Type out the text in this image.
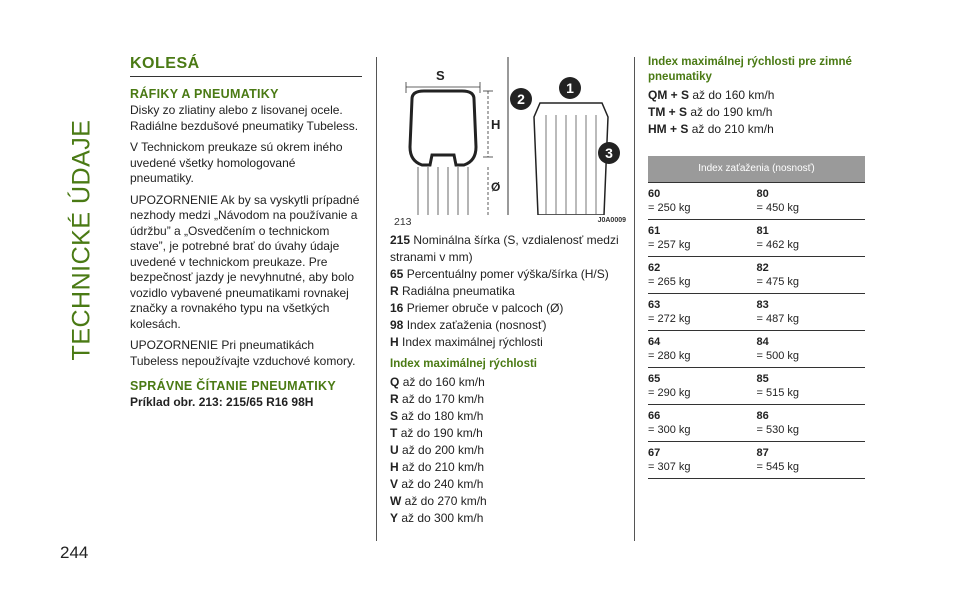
TECHNICKÉ ÚDAJE
244
KOLESÁ
RÁFIKY A PNEUMATIKY

Disky zo zliatiny alebo z lisovanej ocele. Radiálne bezdušové pneumatiky Tubeless.

V Technickom preukaze sú okrem iného uvedené všetky homologované pneumatiky.

UPOZORNENIE Ak by sa vyskytli prípadné nezhody medzi „Návodom na používanie a údržbu” a „Osvedčením o technickom stave”, je potrebné brať do úvahy údaje uvedené v technickom preukaze. Pre bezpečnosť jazdy je nevyhnutné, aby bolo vozidlo vybavené pneumatikami rovnakej značky a rovnakého typu na všetkých kolesách.

UPOZORNENIE Pri pneumatikách Tubeless nepoužívajte vzduchové komory.

SPRÁVNE ČÍTANIE PNEUMATIKY

Príklad obr. 213: 215/65 R16 98H

S
H
Ø
1
2
3
213	J0A0009

215 Nominálna šírka (S, vzdialenosť medzi stranami v mm)

65 Percentuálny pomer výška/šírka (H/S)

R Radiálna pneumatika

16 Priemer obruče v palcoch (Ø)

98 Index zaťaženia (nosnosť)

H Index maximálnej rýchlosti

Index maximálnej rýchlosti

Q až do 160 km/h

R až do 170 km/h

S až do 180 km/h

T až do 190 km/h

U až do 200 km/h

H až do 210 km/h

V až do 240 km/h

W až do 270 km/h

Y až do 300 km/h

Index maximálnej rýchlosti pre zimné pneumatiky

QM + S až do 160 km/h

TM + S až do 190 km/h

HM + S až do 210 km/h

Index zaťaženia (nosnosť)
60
= 250 kg
80
= 450 kg
61
= 257 kg
81
= 462 kg
62
= 265 kg
82
= 475 kg
63
= 272 kg
83
= 487 kg
64
= 280 kg
84
= 500 kg
65
= 290 kg
85
= 515 kg
66
= 300 kg
86
= 530 kg
67
= 307 kg
87
= 545 kg
